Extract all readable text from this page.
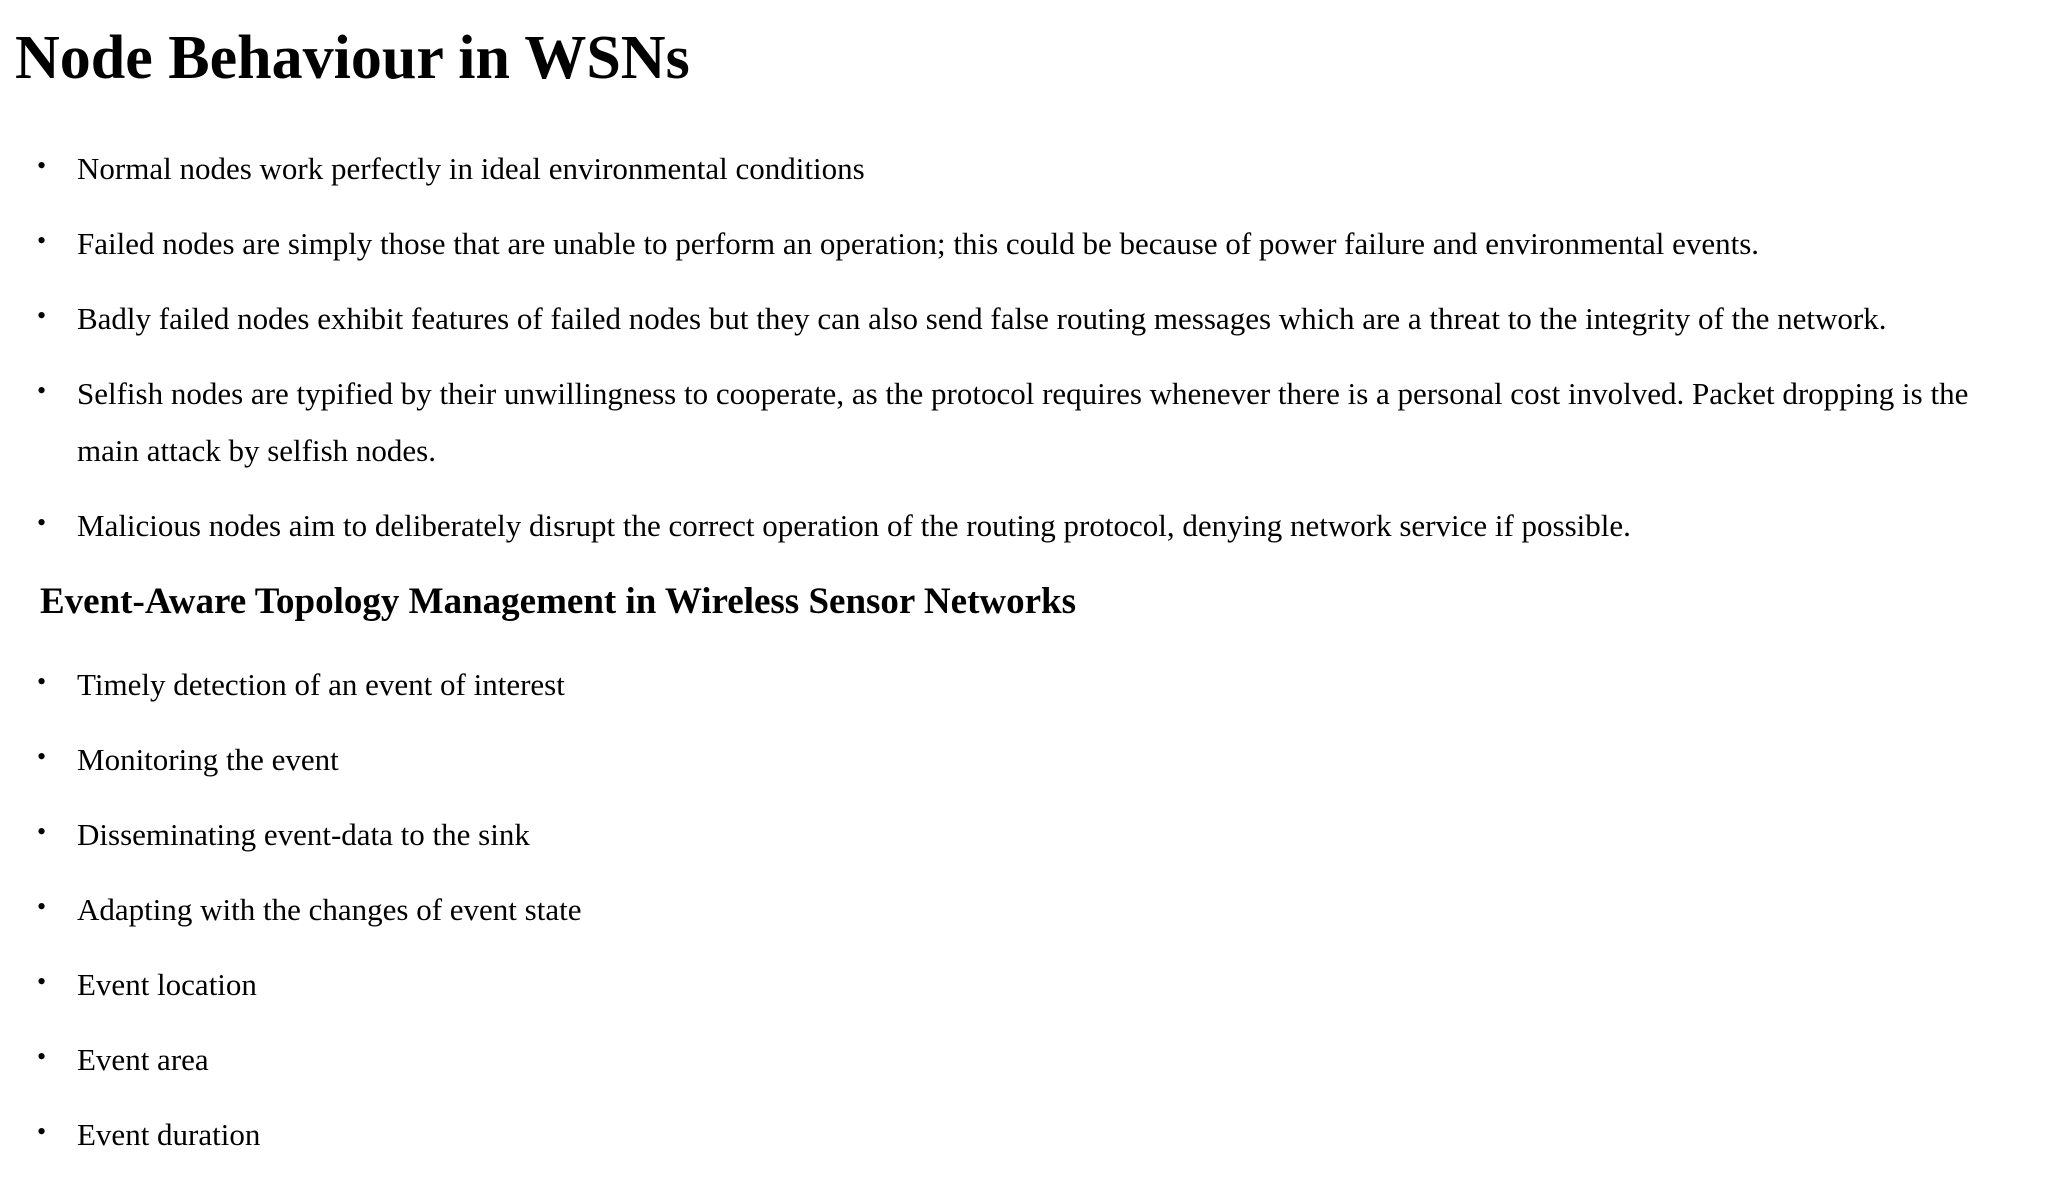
Node Behaviour in WSNs
• Normal nodes work perfectly in ideal environmental conditions
• Failed nodes are simply those that are unable to perform an operation; this could be because of power failure and environmental events.
• Badly failed nodes exhibit features of failed nodes but they can also send false routing messages which are a threat to the integrity of the network.
• Selfish nodes are typified by their unwillingness to cooperate, as the protocol requires whenever there is a personal cost involved. Packet dropping is the main attack by selfish nodes.
• Malicious nodes aim to deliberately disrupt the correct operation of the routing protocol, denying network service if possible.
Event-Aware Topology Management in Wireless Sensor Networks
• Timely detection of an event of interest
• Monitoring the event
• Disseminating event-data to the sink
• Adapting with the changes of event state
• Event location
• Event area
• Event duration
